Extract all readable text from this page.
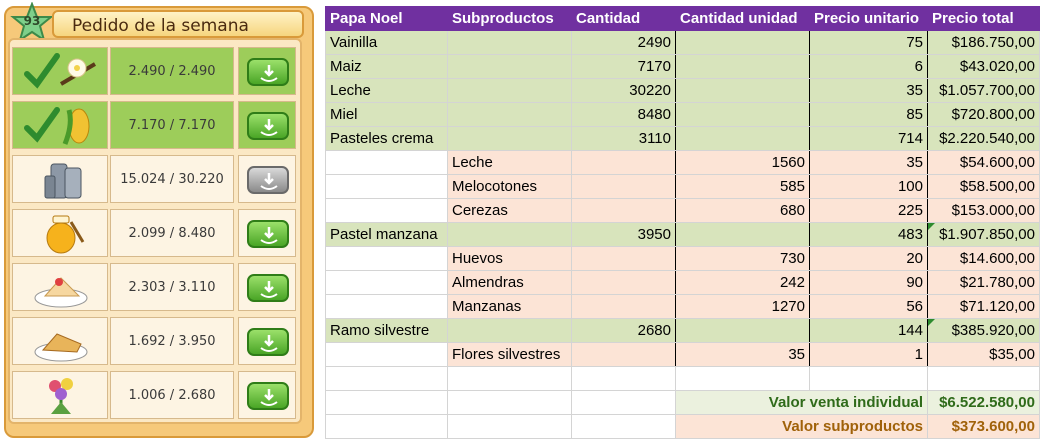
93	Pedido de la semana
2.490 / 2.490
7.170 / 7.170
15.024 / 30.220
2.099 / 8.480
2.303 / 3.110
1.692 / 3.950
1.006 / 2.680
Papa Noel	Subproductos	Cantidad	Cantidad unidad	Precio unitario	Precio total
Vainilla		2490		75	$186.750,00
Maiz		7170		6	$43.020,00
Leche		30220		35	$1.057.700,00
Miel		8480		85	$720.800,00
Pasteles crema		3110		714	$2.220.540,00
	Leche		1560	35	$54.600,00
	Melocotones		585	100	$58.500,00
	Cerezas		680	225	$153.000,00
Pastel manzana		3950		483	$1.907.850,00
	Huevos		730	20	$14.600,00
	Almendras		242	90	$21.780,00
	Manzanas		1270	56	$71.120,00
Ramo silvestre		2680		144	$385.920,00
	Flores silvestres		35	1	$35,00

			Valor venta individual		$6.522.580,00
			Valor subproductos		$373.600,00
